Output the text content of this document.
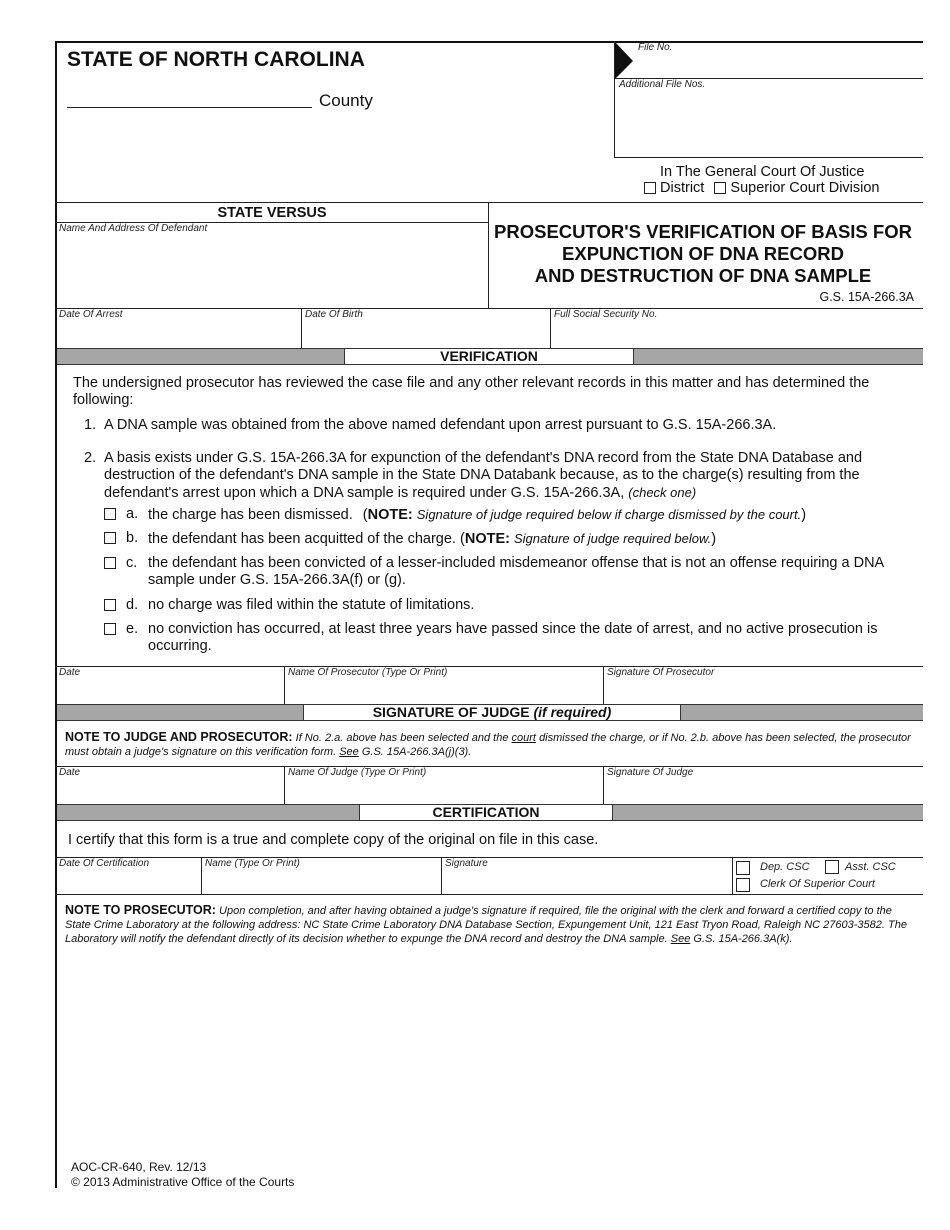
STATE OF NORTH CAROLINA
County
File No.
Additional File Nos.
In The General Court Of Justice
District Superior Court Division
STATE VERSUS
Name And Address Of Defendant	PROSECUTOR'S VERIFICATION OF BASIS FOR
EXPUNCTION OF DNA RECORD
AND DESTRUCTION OF DNA SAMPLE
G.S. 15A-266.3A
Date Of Arrest	Date Of Birth	Full Social Security No.
VERIFICATION
The undersigned prosecutor has reviewed the case file and any other relevant records in this matter and has determined the following:
1. A DNA sample was obtained from the above named defendant upon arrest pursuant to G.S. 15A-266.3A.
2. A basis exists under G.S. 15A-266.3A for expunction of the defendant's DNA record from the State DNA Database and destruction of the defendant's DNA sample in the State DNA Databank because, as to the charge(s) resulting from the defendant's arrest upon which a DNA sample is required under G.S. 15A-266.3A, (check one)
a. the charge has been dismissed. (NOTE: Signature of judge required below if charge dismissed by the court.)
b. the defendant has been acquitted of the charge. (NOTE: Signature of judge required below.)
c. the defendant has been convicted of a lesser-included misdemeanor offense that is not an offense requiring a DNA sample under G.S. 15A-266.3A(f) or (g).
d. no charge was filed within the statute of limitations.
e. no conviction has occurred, at least three years have passed since the date of arrest, and no active prosecution is occurring.
Date	Name Of Prosecutor (Type Or Print)	Signature Of Prosecutor
SIGNATURE OF JUDGE (if required)
NOTE TO JUDGE AND PROSECUTOR: If No. 2.a. above has been selected and the court dismissed the charge, or if No. 2.b. above has been selected, the prosecutor must obtain a judge's signature on this verification form. See G.S. 15A-266.3A(j)(3).
Date	Name Of Judge (Type Or Print)	Signature Of Judge
CERTIFICATION
I certify that this form is a true and complete copy of the original on file in this case.
Date Of Certification	Name (Type Or Print)	Signature	Dep. CSC	Asst. CSC
Clerk Of Superior Court
NOTE TO PROSECUTOR: Upon completion, and after having obtained a judge's signature if required, file the original with the clerk and forward a certified copy to the State Crime Laboratory at the following address: NC State Crime Laboratory DNA Database Section, Expungement Unit, 121 East Tryon Road, Raleigh NC 27603-3582. The Laboratory will notify the defendant directly of its decision whether to expunge the DNA record and destroy the DNA sample. See G.S. 15A-266.3A(k).
AOC-CR-640, Rev. 12/13
© 2013 Administrative Office of the Courts
